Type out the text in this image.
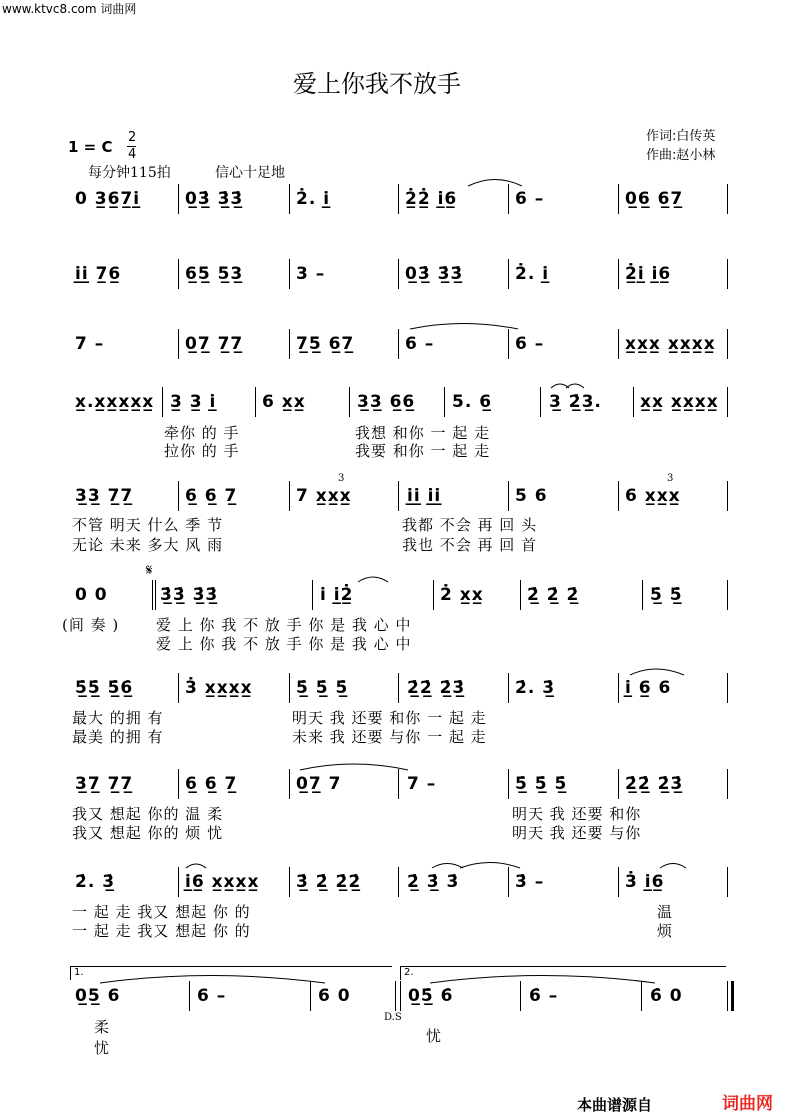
www.ktvc8.com 词曲网
爱上你我不放手
1 = C
2
4
作词:白传英
作曲:赵小林
每分钟115拍	信心十足地
0 3̲6̲7̲i̲̇	0̲3̲̇ 3̲̇3̲̇	2̇. i̲̇	2̲̇2̲̇ i̲̇6̲	6 –	0̲6̲ 6̲7̲
i̲̇i̲̇ 7̲6̲	6̲5̲ 5̲3̲	3 –	0̲3̲̇ 3̲̇3̲̇	2̇. i̲̇	2̲̇i̲̇ i̲̇6̲
7 –	0̲7̲ 7̲7̲	7̲5̲ 6̲7̲	6 –	6 –	x̲x̲x̲ x̲x̲x̲x̲
x̲.x̲x̲x̲x̲x̲ 3̲ 3̲ i̲̇	6 x̲x̲	3̲3̲ 6̲6̲ 5. 6̲	3̲ 2̲̇3̲. x̲x̲ x̲x̲x̲x̲
牵你 的 手	我想 和你 一 起 走
拉你 的 手	我要 和你 一 起 走
3̲3̲ 7̲7̲	6̲ 6̲ 7̲	7 x̲x̲x̲	i̲̇i̲̇ i̲̇i̲̇	5 6	6 x̲x̲x̲
3	3
不管 明天 什么 季 节	我都 不会 再 回 头
无论 未来 多大 风 雨	我也 不会 再 回 首
𝄋
0 0	3̲̇3̲̇ 3̲̇3̲̇	i̇ i̲̇2̲̇	2̇ x̲x̲	2̲̇ 2̲̇ 2̲̇	5̲̇ 5̲̇
(间 奏 ) 爱 上 你 我 不 放 手 你 是 我 心 中
爱 上 你 我 不 放 手 你 是 我 心 中
5̲̇5̲̇ 5̲̇6̲̇	3̇ x̲x̲x̲x̲	5̲̇ 5̲̇ 5̲̇	2̲̇2̲̇ 2̲̇3̲̇	2̇. 3̲̇	i̲̇ 6̲ 6
最大 的拥 有	明天 我 还要 和你 一 起 走
最美 的拥 有	未来 我 还要 与你 一 起 走
3̲7̲ 7̲7̲	6̲ 6̲ 7̲	0̲7̲ 7	7 –	5̲̇ 5̲̇ 5̲̇	2̲̇2̲̇ 2̲̇3̲̇
我又 想起 你的 温 柔	明天 我 还要 和你
我又 想起 你的 烦 忧	明天 我 还要 与你
2̇. 3̲̇	i̲̇6̲ x̲x̲x̲x̲ 3̲̇ 2̲̇ 2̲̇2̲̇	2̲̇ 3̲̇ 3̇	3̇ –	3̇ i̲̇6̲
一 起 走 我又 想起 你 的	温
一 起 走 我又 想起 你 的	烦
1.	2.
0̲5̲ 6	6 –	6 0	0̲5̲̇ 6̇	6̇ –	6̇ 0
D.S
柔
忧
忧
本曲谱源自	词曲网
